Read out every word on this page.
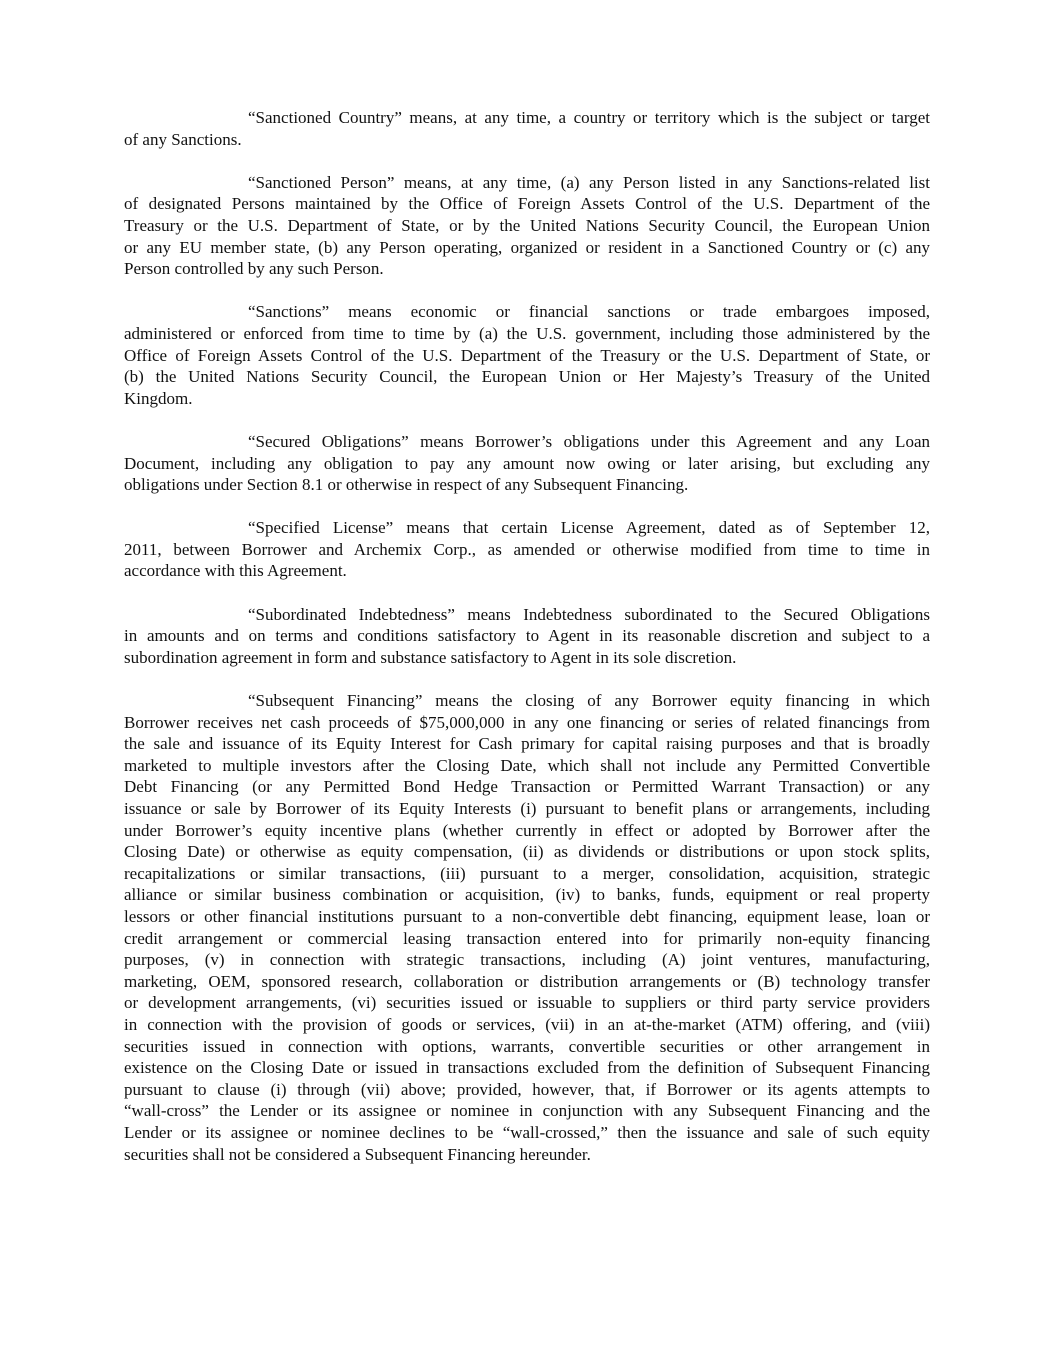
“Sanctioned Country” means, at any time, a country or territory which is the subject or target
of any Sanctions.
“Sanctioned Person” means, at any time, (a) any Person listed in any Sanctions-related list
of designated Persons maintained by the Office of Foreign Assets Control of the U.S. Department of the
Treasury or the U.S. Department of State, or by the United Nations Security Council, the European Union
or any EU member state, (b) any Person operating, organized or resident in a Sanctioned Country or (c) any
Person controlled by any such Person.
“Sanctions” means economic or financial sanctions or trade embargoes imposed,
administered or enforced from time to time by (a) the U.S. government, including those administered by the
Office of Foreign Assets Control of the U.S. Department of the Treasury or the U.S. Department of State, or
(b) the United Nations Security Council, the European Union or Her Majesty’s Treasury of the United
Kingdom.
“Secured Obligations” means Borrower’s obligations under this Agreement and any Loan
Document, including any obligation to pay any amount now owing or later arising, but excluding any
obligations under Section 8.1 or otherwise in respect of any Subsequent Financing.
“Specified License” means that certain License Agreement, dated as of September 12,
2011, between Borrower and Archemix Corp., as amended or otherwise modified from time to time in
accordance with this Agreement.
“Subordinated Indebtedness” means Indebtedness subordinated to the Secured Obligations
in amounts and on terms and conditions satisfactory to Agent in its reasonable discretion and subject to a
subordination agreement in form and substance satisfactory to Agent in its sole discretion.
“Subsequent Financing” means the closing of any Borrower equity financing in which
Borrower receives net cash proceeds of $75,000,000 in any one financing or series of related financings from
the sale and issuance of its Equity Interest for Cash primary for capital raising purposes and that is broadly
marketed to multiple investors after the Closing Date, which shall not include any Permitted Convertible
Debt Financing (or any Permitted Bond Hedge Transaction or Permitted Warrant Transaction) or any
issuance or sale by Borrower of its Equity Interests (i) pursuant to benefit plans or arrangements, including
under Borrower’s equity incentive plans (whether currently in effect or adopted by Borrower after the
Closing Date) or otherwise as equity compensation, (ii) as dividends or distributions or upon stock splits,
recapitalizations or similar transactions, (iii) pursuant to a merger, consolidation, acquisition, strategic
alliance or similar business combination or acquisition, (iv) to banks, funds, equipment or real property
lessors or other financial institutions pursuant to a non-convertible debt financing, equipment lease, loan or
credit arrangement or commercial leasing transaction entered into for primarily non-equity financing
purposes, (v) in connection with strategic transactions, including (A) joint ventures, manufacturing,
marketing, OEM, sponsored research, collaboration or distribution arrangements or (B) technology transfer
or development arrangements, (vi) securities issued or issuable to suppliers or third party service providers
in connection with the provision of goods or services, (vii) in an at-the-market (ATM) offering, and (viii)
securities issued in connection with options, warrants, convertible securities or other arrangement in
existence on the Closing Date or issued in transactions excluded from the definition of Subsequent Financing
pursuant to clause (i) through (vii) above; provided, however, that, if Borrower or its agents attempts to
“wall-cross” the Lender or its assignee or nominee in conjunction with any Subsequent Financing and the
Lender or its assignee or nominee declines to be “wall-crossed,” then the issuance and sale of such equity
securities shall not be considered a Subsequent Financing hereunder.
